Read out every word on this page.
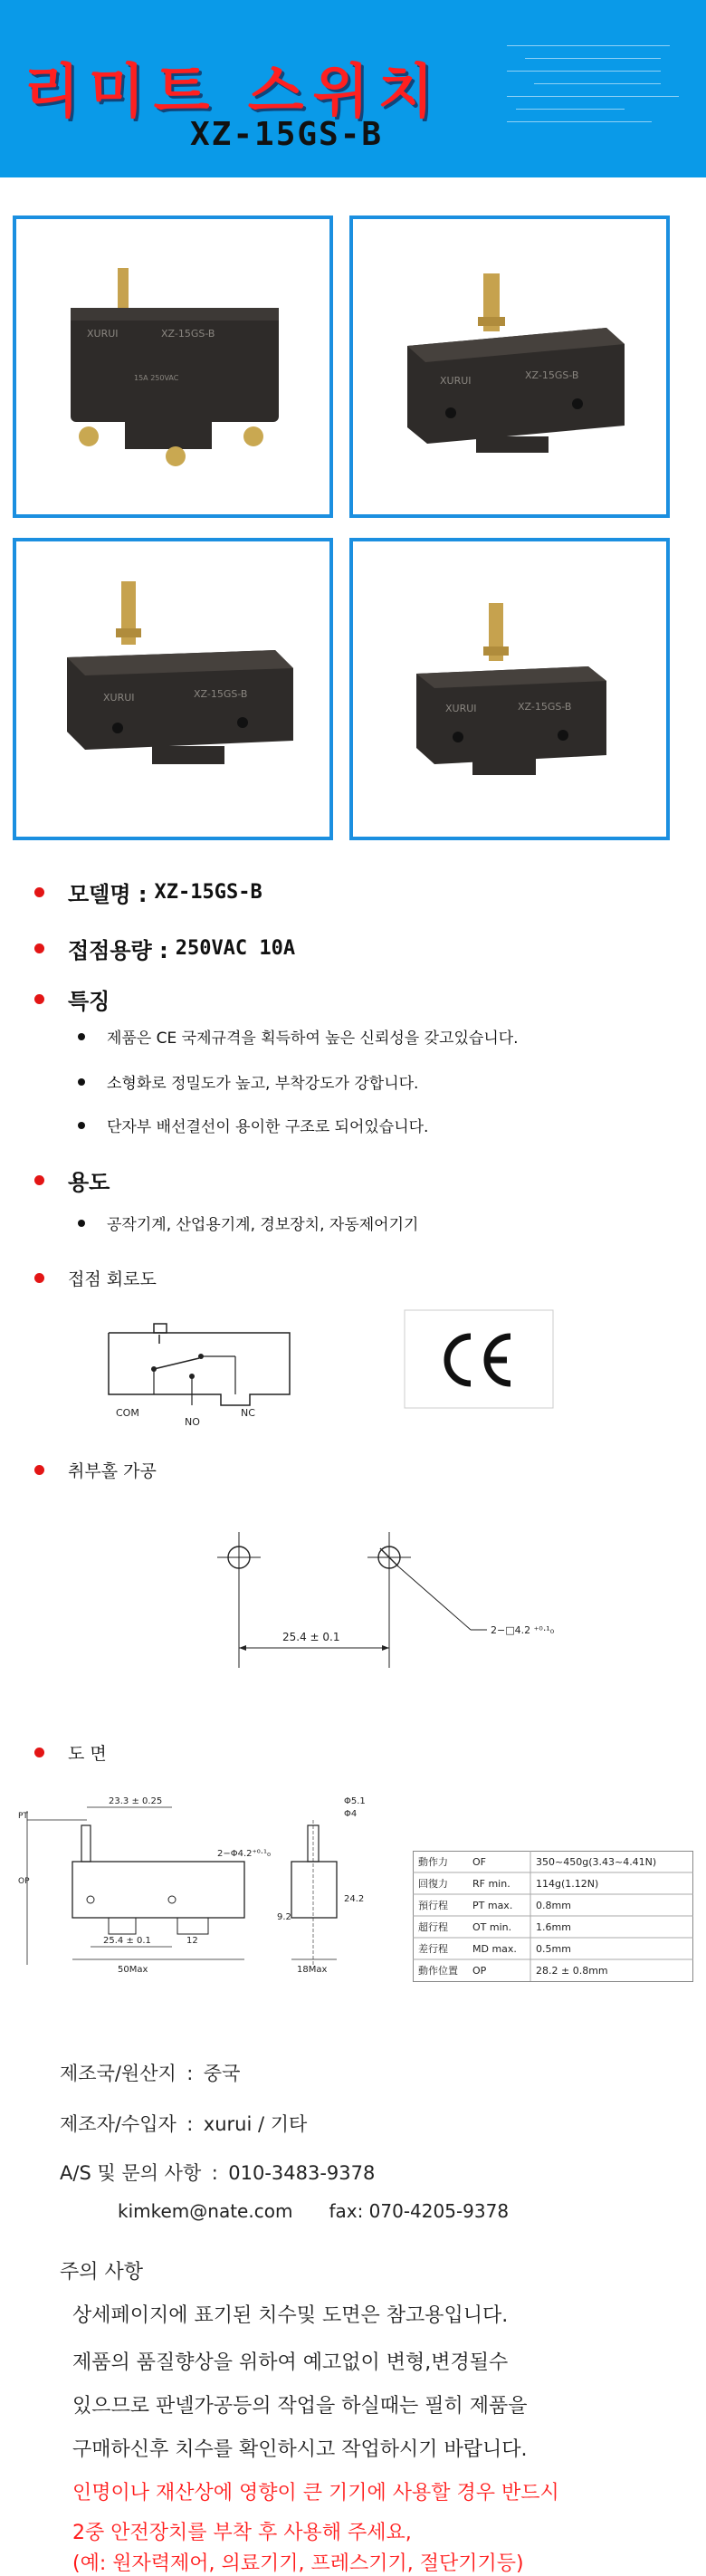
리미트 스위치
XZ-15GS-B
XURUI	XZ-15GS-B
15A 250VAC	XURUI	XZ-15GS-B
XURUI	XZ-15GS-B
XURUI	XZ-15GS-B
모델명 : XZ-15GS-B
접점용량 : 250VAC 10A
특징
제품은 CE 국제규격을 획득하여 높은 신뢰성을 갖고있습니다.
소형화로 정밀도가 높고, 부착강도가 강합니다.
단자부 배선결선이 용이한 구조로 되어있습니다.
용도
공작기계, 산업용기계, 경보장치, 자동제어기기
접점 회로도
COM
NO
NC
취부홀 가공
25.4 ± 0.1
2−□4.2 ⁺⁰·¹₀
도 면
23.3 ± 0.25
PT
OP
2−Φ4.2⁺⁰·¹₀
25.4 ± 0.1	12
50Max
Φ5.1
Φ4
9.2
24.2
18Max
動作力 OF	350~450g(3.43~4.41N)
回復力 RF min.	114g(1.12N)
預行程 PT max. 0.8mm
超行程 OT min. 1.6mm
差行程 MD max. 0.5mm
動作位置 OP	28.2 ± 0.8mm
제조국/원산지 : 중국
제조자/수입자 : xurui / 기타
A/S 및 문의 사항 : 010-3483-9378
kimkem@nate.com fax: 070-4205-9378
주의 사항
상세페이지에 표기된 치수및 도면은 참고용입니다.
제품의 품질향상을 위하여 예고없이 변형,변경될수
있으므로 판넬가공등의 작업을 하실때는 필히 제품을
구매하신후 치수를 확인하시고 작업하시기 바랍니다.
인명이나 재산상에 영향이 큰 기기에 사용할 경우 반드시
2중 안전장치를 부착 후 사용해 주세요,
(예: 원자력제어, 의료기기, 프레스기기, 절단기기등)
